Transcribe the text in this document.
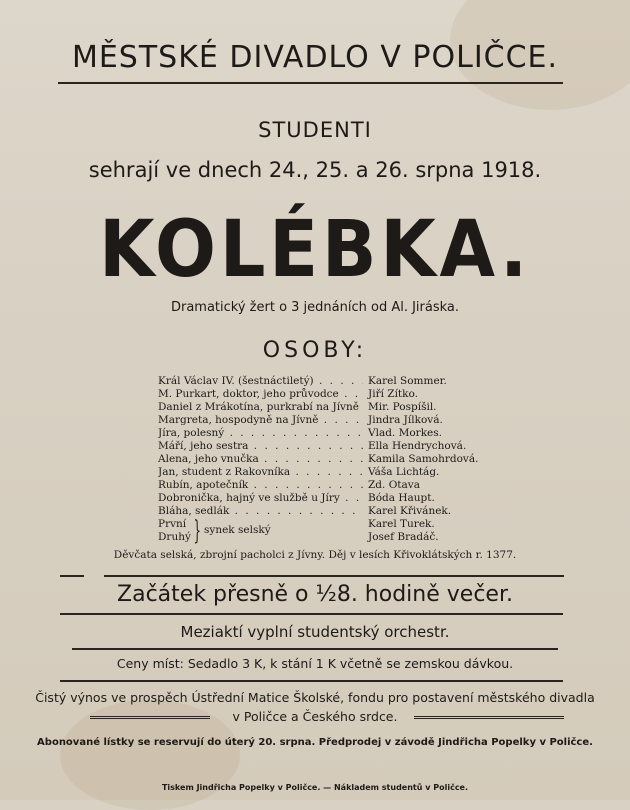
MĚSTSKÉ DIVADLO V POLIČCE.
STUDENTI
sehrají ve dnech 24., 25. a 26. srpna 1918.
KOLÉBKA.
Dramatický žert o 3 jednáních od Al. Jiráska.
OSOBY:
Král Václav IV. (šestnáctiletý) . . .	Karel Sommer.
M. Purkart, doktor, jeho průvodce . . .	Jiří Zítko.
Daniel z Mrákotína, purkrabí na Jívně . . . Mir. Pospíšil.
Margreta, hospodyně na Jívně . . .	Jindra Jílková.
Jíra, polesný . . .	Vlad. Morkes.
Máří, jeho sestra . . .	Ella Hendrychová.
Alena, jeho vnučka . . .	Kamila Samohrdová.
Jan, student z Rakovníka . . .	Váša Lichtág.
Rubín, apotečník . . .	Zd. Otava
Dobronička, hajný ve službě u Jíry . . .	Bóda Haupt.
Bláha, sedlák . . .	Karel Křivánek.
První	Karel Turek.
Druhý	Josef Bradáč.
} synek selský
Děvčata selská, zbrojní pacholci z Jívny. Děj v lesích Křivoklátských r. 1377.
Začátek přesně o ½8. hodině večer.
Meziaktí vyplní studentský orchestr.
Ceny míst: Sedadlo 3 K, k stání 1 K včetně se zemskou dávkou.
Čistý výnos ve prospěch Ústřední Matice Školské, fondu pro postavení městského divadla
v Poličce a Českého srdce.
Abonované lístky se reservují do úterý 20. srpna. Předprodej v závodě Jindřicha Popelky v Poličce.
Tiskem Jindřicha Popelky v Poličce. — Nákladem studentů v Poličce.
